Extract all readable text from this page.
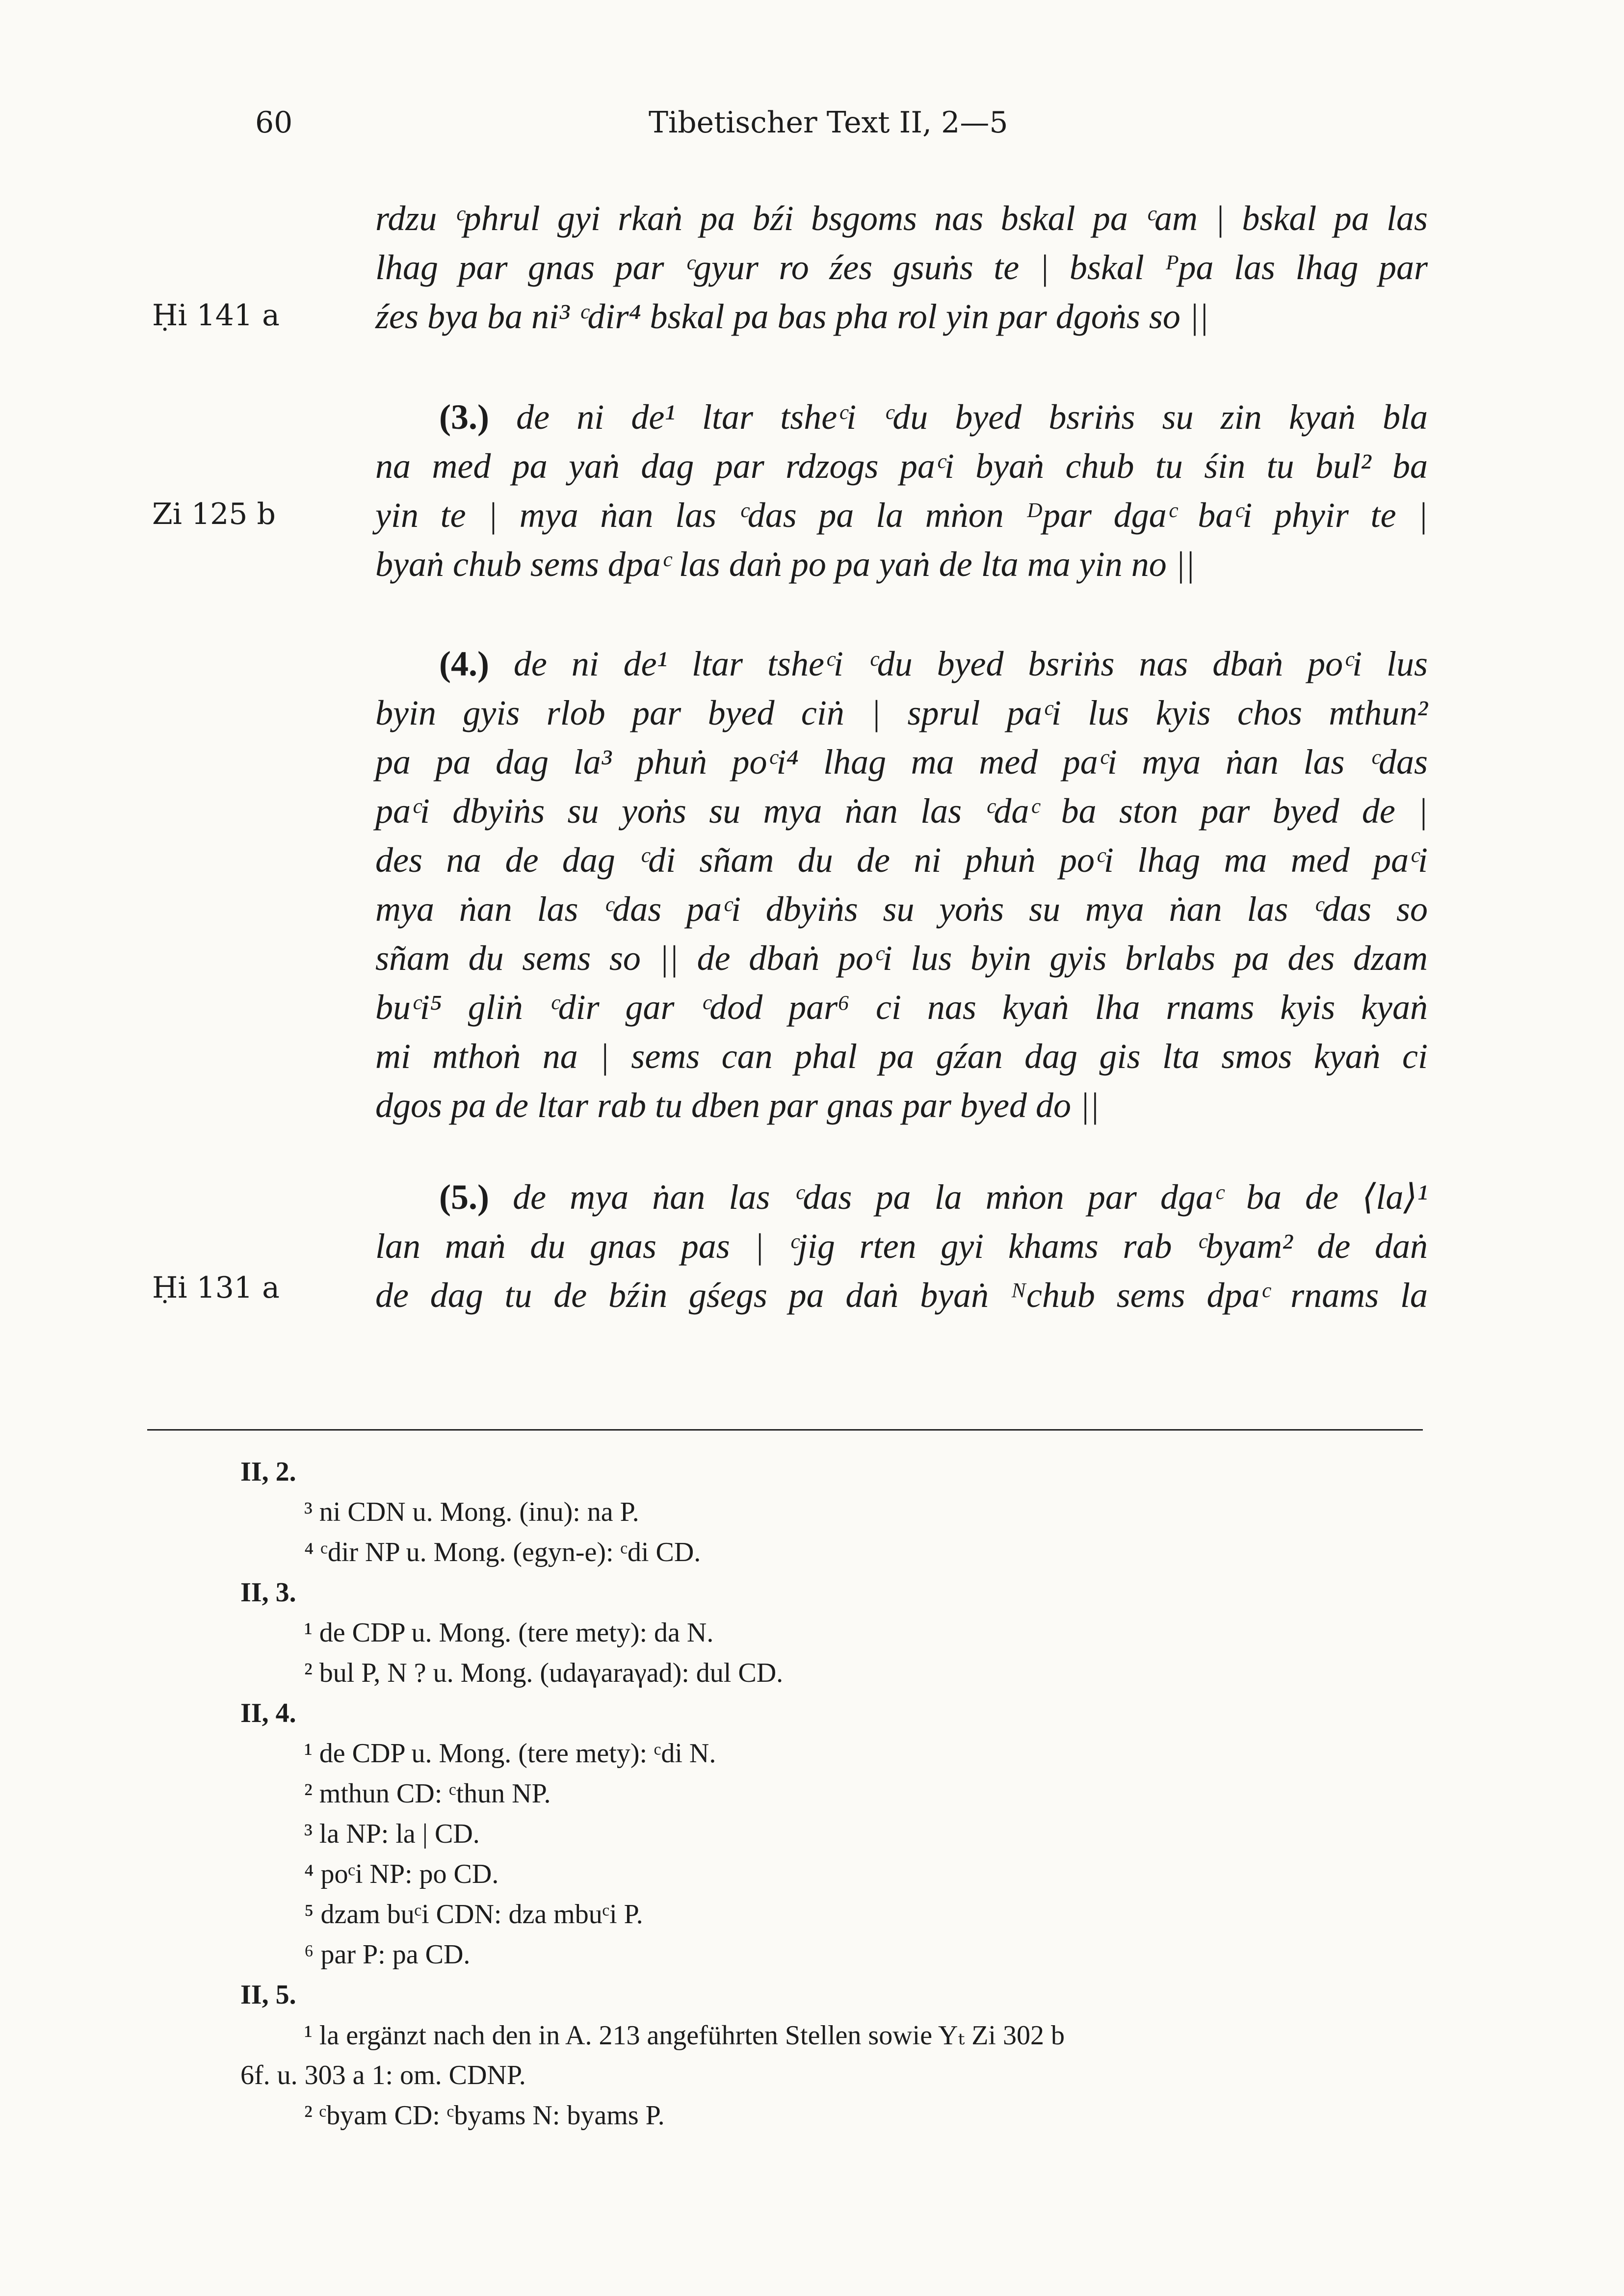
60	Tibetischer Text II, 2—5
Ḥi 141 a
Zi 125 b
Ḥi 131 a
rdzu ᶜphrul gyi rkaṅ pa bźi bsgoms nas bskal pa ᶜam | bskal pa las
lhag par gnas par ᶜgyur ro źes gsuṅs te | bskal ᴾpa las lhag par
źes bya ba ni³ ᶜdir⁴ bskal pa bas pha rol yin par dgoṅs so ||
(3.) de ni de¹ ltar tsheᶜi ᶜdu byed bsriṅs su zin kyaṅ bla
na med pa yaṅ dag par rdzogs paᶜi byaṅ chub tu śin tu bul² ba
yin te | mya ṅan las ᶜdas pa la mṅon ᴰpar dgaᶜ baᶜi phyir te |
byaṅ chub sems dpaᶜ las daṅ po pa yaṅ de lta ma yin no ||
(4.) de ni de¹ ltar tsheᶜi ᶜdu byed bsriṅs nas dbaṅ poᶜi lus
byin gyis rlob par byed ciṅ | sprul paᶜi lus kyis chos mthun²
pa pa dag la³ phuṅ poᶜi⁴ lhag ma med paᶜi mya ṅan las ᶜdas
paᶜi dbyiṅs su yoṅs su mya ṅan las ᶜdaᶜ ba ston par byed de |
des na de dag ᶜdi sñam du de ni phuṅ poᶜi lhag ma med paᶜi
mya ṅan las ᶜdas paᶜi dbyiṅs su yoṅs su mya ṅan las ᶜdas so
sñam du sems so || de dbaṅ poᶜi lus byin gyis brlabs pa des dzam
buᶜi⁵ gliṅ ᶜdir gar ᶜdod par⁶ ci nas kyaṅ lha rnams kyis kyaṅ
mi mthoṅ na | sems can phal pa gźan dag gis lta smos kyaṅ ci
dgos pa de ltar rab tu dben par gnas par byed do ||
(5.) de mya ṅan las ᶜdas pa la mṅon par dgaᶜ ba de ⟨la⟩¹
lan maṅ du gnas pas | ᶜjig rten gyi khams rab ᶜbyam² de daṅ
de dag tu de bźin gśegs pa daṅ byaṅ ᴺchub sems dpaᶜ rnams la
II, 2.
³ ni CDN u. Mong. (inu): na P.
⁴ ᶜdir NP u. Mong. (egyn-e): ᶜdi CD.
II, 3.
¹ de CDP u. Mong. (tere mety): da N.
² bul P, N ? u. Mong. (udaγaraγad): dul CD.
II, 4.
¹ de CDP u. Mong. (tere mety): ᶜdi N.
² mthun CD: ᶜthun NP.
³ la NP: la | CD.
⁴ poᶜi NP: po CD.
⁵ dzam buᶜi CDN: dza mbuᶜi P.
⁶ par P: pa CD.
II, 5.
¹ la ergänzt nach den in A. 213 angeführten Stellen sowie Yₜ Zi 302 b
6f. u. 303 a 1: om. CDNP.
² ᶜbyam CD: ᶜbyams N: byams P.
